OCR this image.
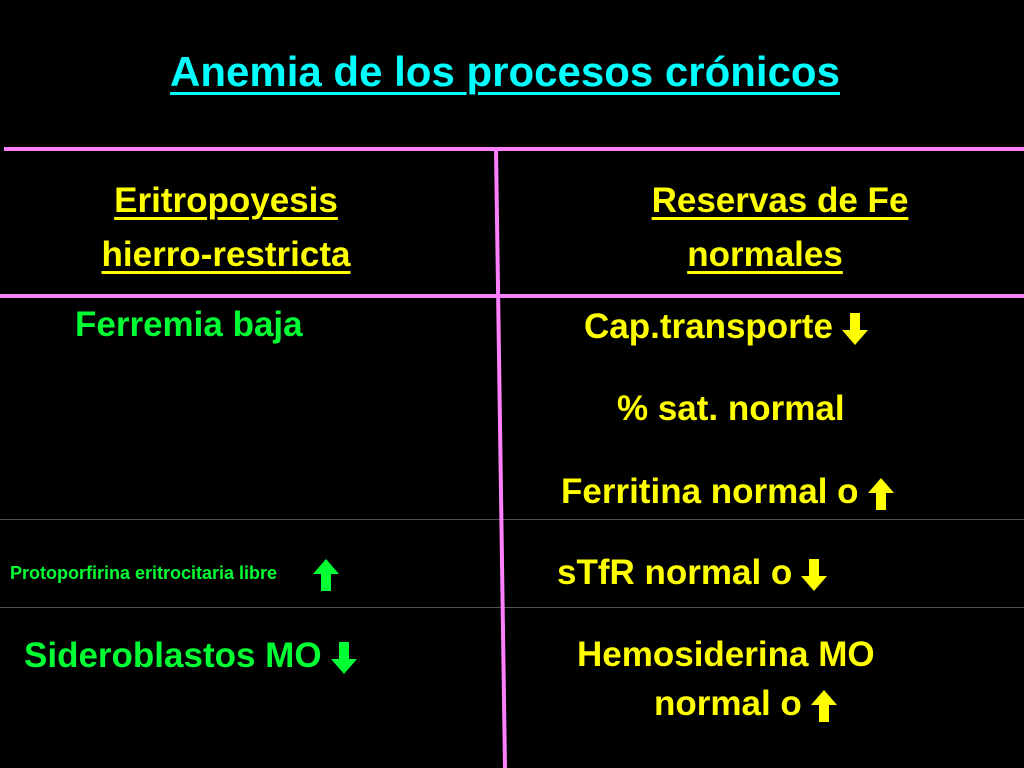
Anemia de los procesos crónicos
Eritropoyesis
hierro-restricta
Reservas de Fe
normales
Ferremia baja
Protoporfirina eritrocitaria libre
Sideroblastos MO
Cap.transporte
% sat. normal
Ferritina normal o
sTfR normal o
Hemosiderina MO
normal o
